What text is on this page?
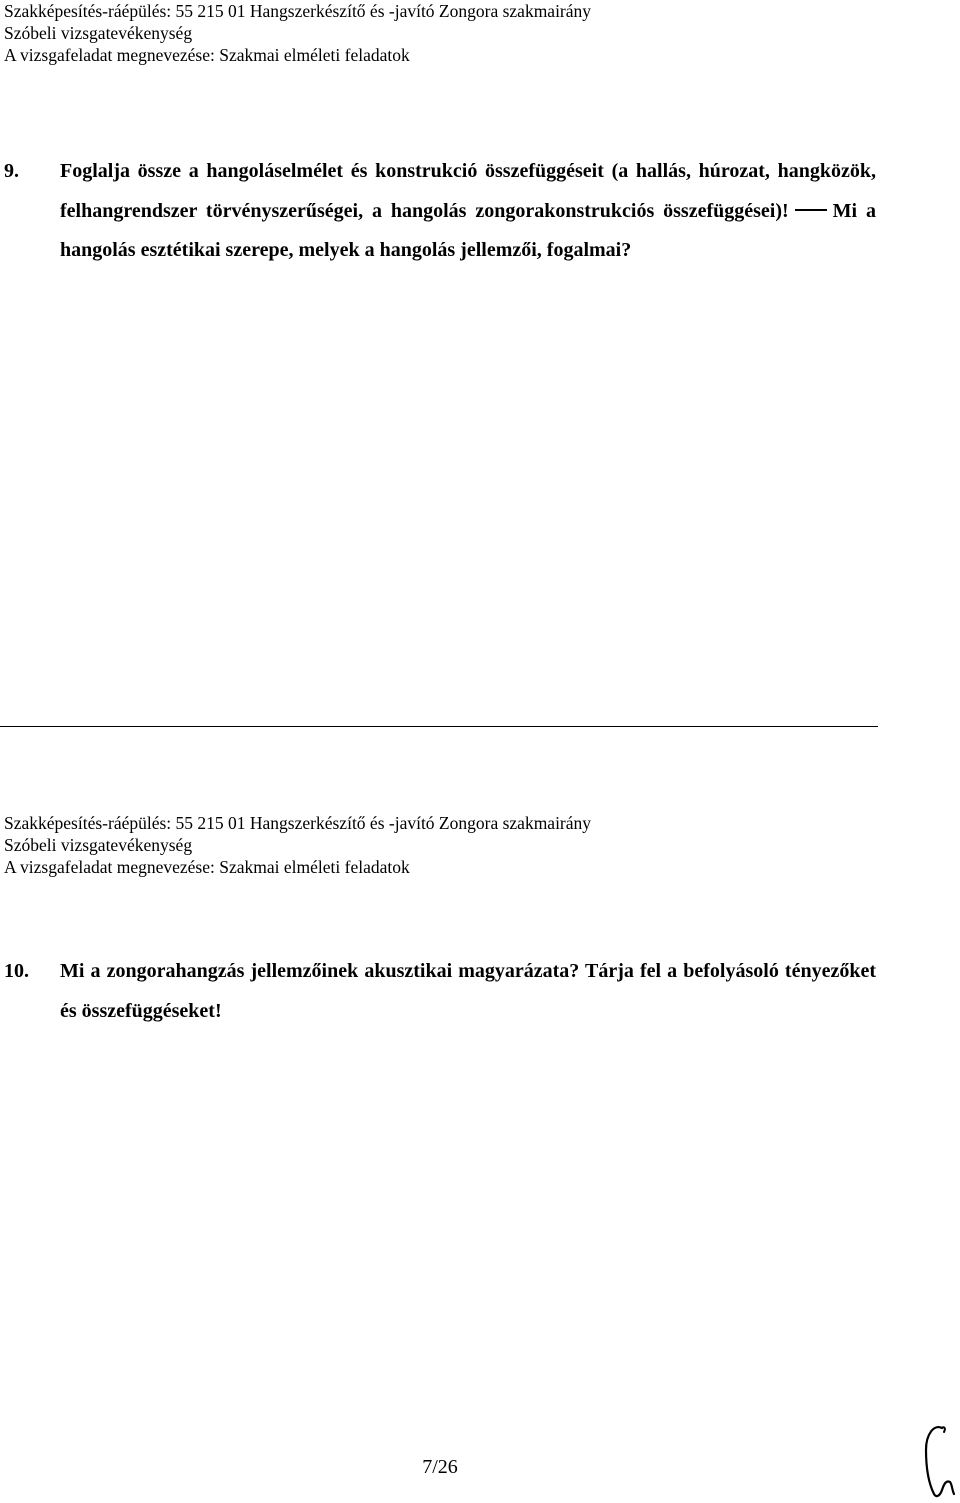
Szakképesítés-ráépülés: 55 215 01 Hangszerkészítő és -javító Zongora szakmairány
Szóbeli vizsgatevékenység
A vizsgafeladat megnevezése: Szakmai elméleti feladatok
9. Foglalja össze a hangoláselmélet és konstrukció összefüggéseit (a hallás, húrozat, hangközök, felhangrendszer törvényszerűségei, a hangolás zongorakonstrukciós összefüggései)! Mi a hangolás esztétikai szerepe, melyek a hangolás jellemzői, fogalmai?
Szakképesítés-ráépülés: 55 215 01 Hangszerkészítő és -javító Zongora szakmairány
Szóbeli vizsgatevékenység
A vizsgafeladat megnevezése: Szakmai elméleti feladatok
10. Mi a zongorahangzás jellemzőinek akusztikai magyarázata? Tárja fel a befolyásoló tényezőket és összefüggéseket!
7/26
